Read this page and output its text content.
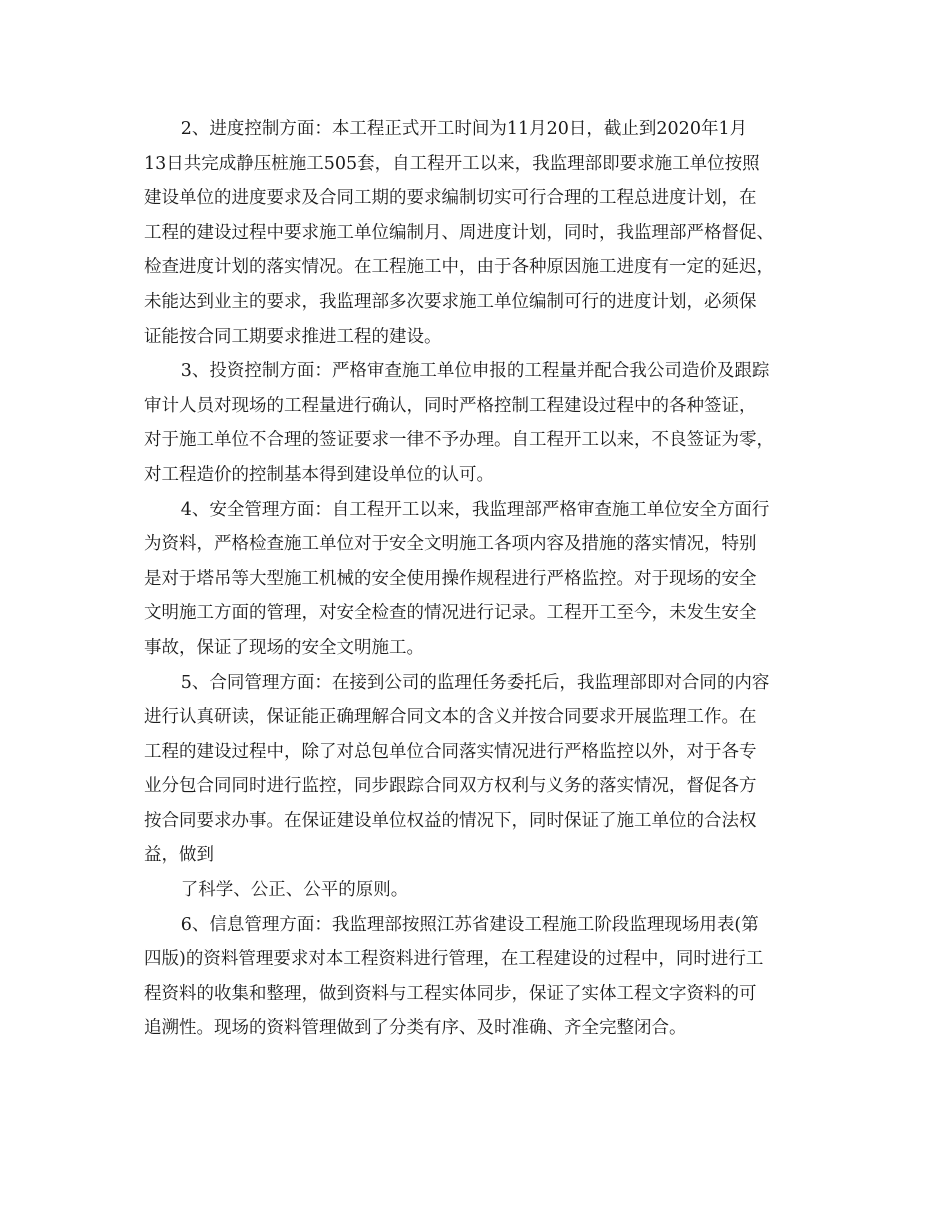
2、进度控制方面：本工程正式开工时间为11月20日，截止到2020年1月
13日共完成静压桩施工505套，自工程开工以来，我监理部即要求施工单位按照
建设单位的进度要求及合同工期的要求编制切实可行合理的工程总进度计划，在
工程的建设过程中要求施工单位编制月、周进度计划，同时，我监理部严格督促、
检查进度计划的落实情况。在工程施工中，由于各种原因施工进度有一定的延迟，
未能达到业主的要求，我监理部多次要求施工单位编制可行的进度计划，必须保
证能按合同工期要求推进工程的建设。

3、投资控制方面：严格审查施工单位申报的工程量并配合我公司造价及跟踪
审计人员对现场的工程量进行确认，同时严格控制工程建设过程中的各种签证，
对于施工单位不合理的签证要求一律不予办理。自工程开工以来，不良签证为零，
对工程造价的控制基本得到建设单位的认可。

4、安全管理方面：自工程开工以来，我监理部严格审查施工单位安全方面行
为资料，严格检查施工单位对于安全文明施工各项内容及措施的落实情况，特别
是对于塔吊等大型施工机械的安全使用操作规程进行严格监控。对于现场的安全
文明施工方面的管理，对安全检查的情况进行记录。工程开工至今，未发生安全
事故，保证了现场的安全文明施工。

5、合同管理方面：在接到公司的监理任务委托后，我监理部即对合同的内容
进行认真研读，保证能正确理解合同文本的含义并按合同要求开展监理工作。在
工程的建设过程中，除了对总包单位合同落实情况进行严格监控以外，对于各专
业分包合同同时进行监控，同步跟踪合同双方权利与义务的落实情况，督促各方
按合同要求办事。在保证建设单位权益的情况下，同时保证了施工单位的合法权
益，做到

了科学、公正、公平的原则。

6、信息管理方面：我监理部按照江苏省建设工程施工阶段监理现场用表(第
四版)的资料管理要求对本工程资料进行管理，在工程建设的过程中，同时进行工
程资料的收集和整理，做到资料与工程实体同步，保证了实体工程文字资料的可
追溯性。现场的资料管理做到了分类有序、及时准确、齐全完整闭合。
